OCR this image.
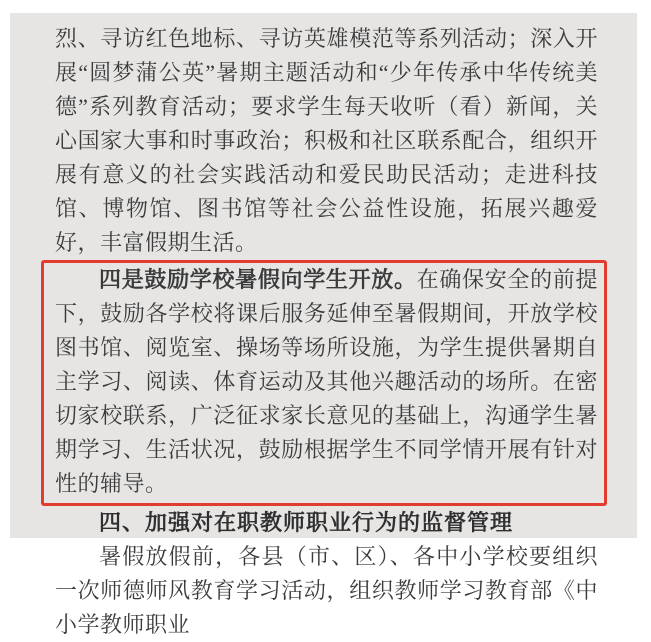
烈、寻访红色地标、寻访英雄模范等系列活动；深入开展“圆梦蒲公英”暑期主题活动和“少年传承中华传统美德”系列教育活动；要求学生每天收听（看）新闻，关心国家大事和时事政治；积极和社区联系配合，组织开展有意义的社会实践活动和爱民助民活动；走进科技馆、博物馆、图书馆等社会公益性设施，拓展兴趣爱好，丰富假期生活。

四是鼓励学校暑假向学生开放。在确保安全的前提下，鼓励各学校将课后服务延伸至暑假期间，开放学校图书馆、阅览室、操场等场所设施，为学生提供暑期自主学习、阅读、体育运动及其他兴趣活动的场所。在密切家校联系，广泛征求家长意见的基础上，沟通学生暑期学习、生活状况，鼓励根据学生不同学情开展有针对性的辅导。

四、加强对在职教师职业行为的监督管理

暑假放假前，各县（市、区）、各中小学校要组织一次师德师风教育学习活动，组织教师学习教育部《中小学教师职业
